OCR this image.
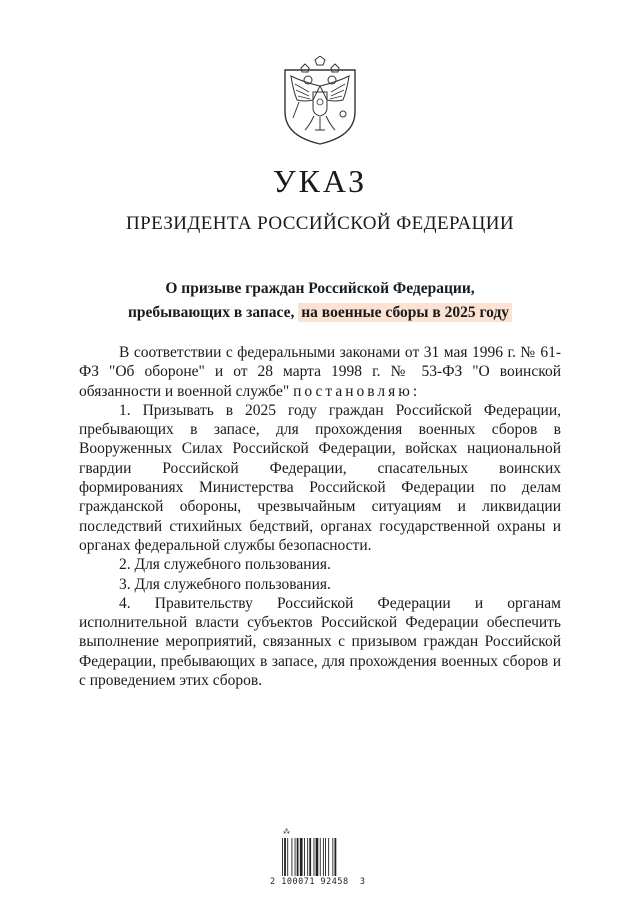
УКАЗ
ПРЕЗИДЕНТА РОССИЙСКОЙ ФЕДЕРАЦИИ
О призыве граждан Российской Федерации,
пребывающих в запасе, на военные сборы в 2025 году

В соответствии с федеральными законами от 31 мая 1996 г. № 61-ФЗ "Об обороне" и от 28 марта 1998 г. № 53-ФЗ "О воинской обязанности и военной службе" постановляю:

1. Призывать в 2025 году граждан Российской Федерации, пребывающих в запасе, для прохождения военных сборов в Вооруженных Силах Российской Федерации, войсках национальной гвардии Российской Федерации, спасательных воинских формированиях Министерства Российской Федерации по делам гражданской обороны, чрезвычайным ситуациям и ликвидации последствий стихийных бедствий, органах государственной охраны и органах федеральной службы безопасности.

2. Для служебного пользования.

3. Для служебного пользования.

4. Правительству Российской Федерации и органам исполнительной власти субъектов Российской Федерации обеспечить выполнение мероприятий, связанных с призывом граждан Российской Федерации, пребывающих в запасе, для прохождения военных сборов и с проведением этих сборов.

⁂
2 100071 92458  3
